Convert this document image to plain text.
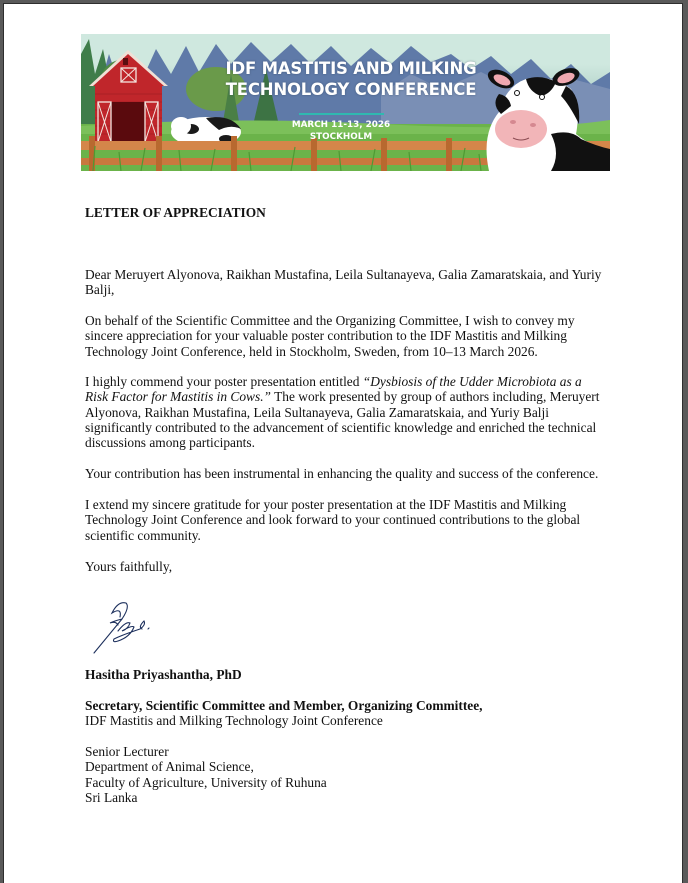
IDF MASTITIS AND MILKING
TECHNOLOGY CONFERENCE
MARCH 11-13, 2026
STOCKHOLM
LETTER OF APPRECIATION
Dear Meruyert Alyonova, Raikhan Mustafina, Leila Sultanayeva, Galia Zamaratskaia, and Yuriy
Balji,
On behalf of the Scientific Committee and the Organizing Committee, I wish to convey my
sincere appreciation for your valuable poster contribution to the IDF Mastitis and Milking
Technology Joint Conference, held in Stockholm, Sweden, from 10–13 March 2026.
I highly commend your poster presentation entitled “Dysbiosis of the Udder Microbiota as a
Risk Factor for Mastitis in Cows.” The work presented by group of authors including, Meruyert
Alyonova, Raikhan Mustafina, Leila Sultanayeva, Galia Zamaratskaia, and Yuriy Balji
significantly contributed to the advancement of scientific knowledge and enriched the technical
discussions among participants.
Your contribution has been instrumental in enhancing the quality and success of the conference.
I extend my sincere gratitude for your poster presentation at the IDF Mastitis and Milking
Technology Joint Conference and look forward to your continued contributions to the global
scientific community.
Yours faithfully,
Hasitha Priyashantha, PhD
Secretary, Scientific Committee and Member, Organizing Committee,
IDF Mastitis and Milking Technology Joint Conference
Senior Lecturer
Department of Animal Science,
Faculty of Agriculture, University of Ruhuna
Sri Lanka
